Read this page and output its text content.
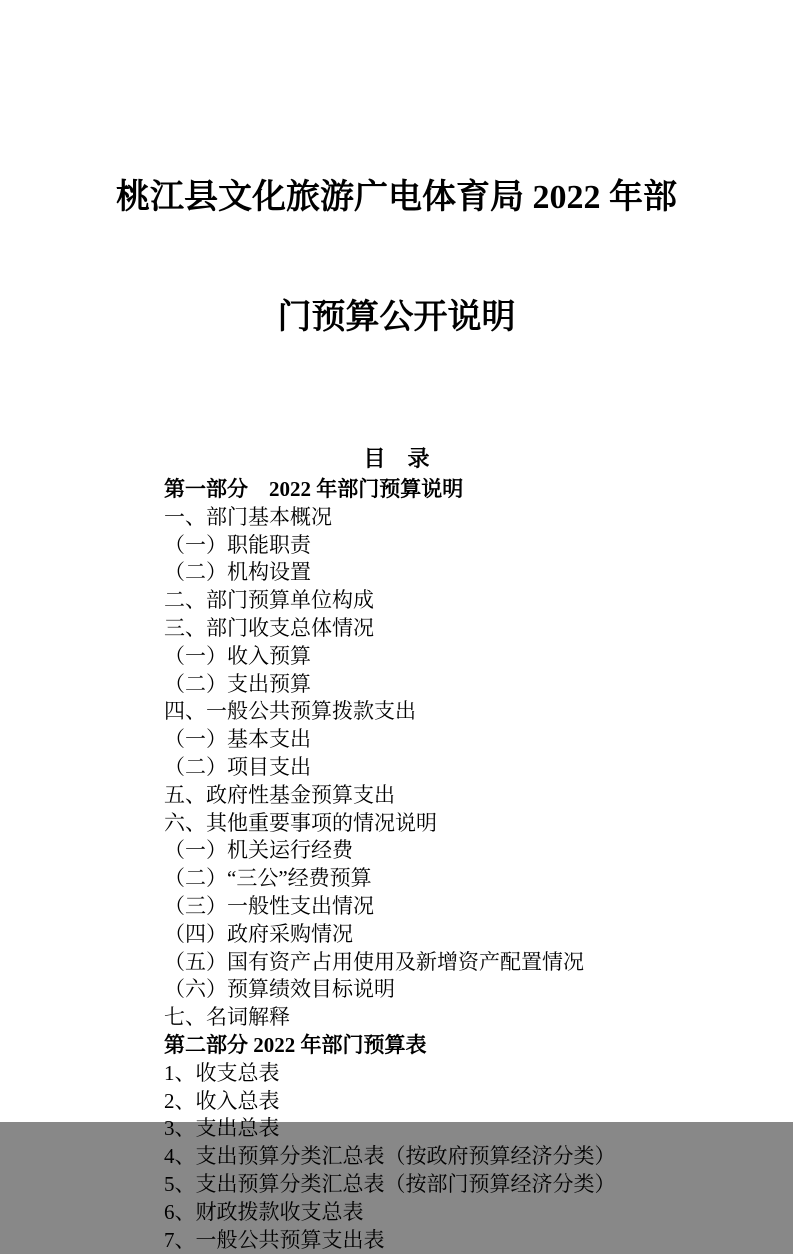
桃江县文化旅游广电体育局 2022 年部

门预算公开说明

目　录
第一部分　2022 年部门预算说明
一、部门基本概况
（一）职能职责
（二）机构设置
二、部门预算单位构成
三、部门收支总体情况
（一）收入预算
（二）支出预算
四、一般公共预算拨款支出
（一）基本支出
（二）项目支出
五、政府性基金预算支出
六、其他重要事项的情况说明
（一）机关运行经费
（二）“三公”经费预算
（三）一般性支出情况
（四）政府采购情况
（五）国有资产占用使用及新增资产配置情况
（六）预算绩效目标说明
七、名词解释
第二部分 2022 年部门预算表
1、收支总表
2、收入总表
3、支出总表
4、支出预算分类汇总表（按政府预算经济分类）
5、支出预算分类汇总表（按部门预算经济分类）
6、财政拨款收支总表
7、一般公共预算支出表
